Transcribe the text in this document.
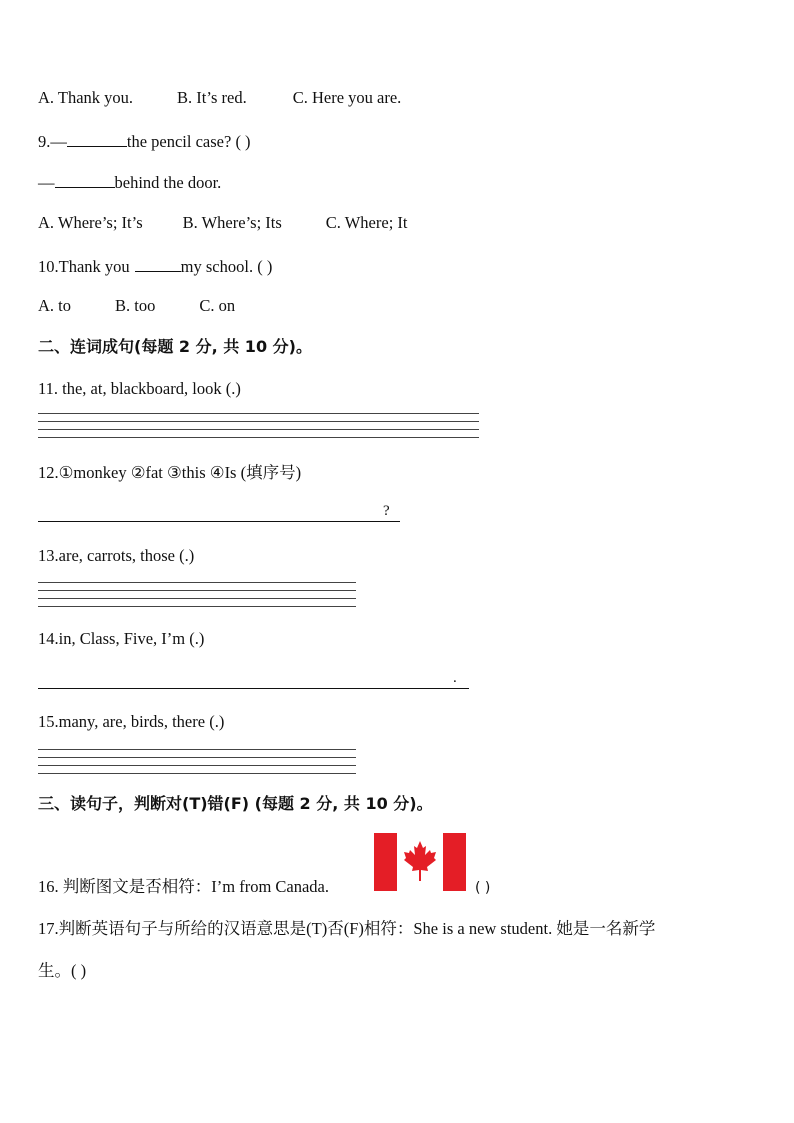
A. Thank you.	B. It’s red.	C. Here you are.
9.—	the pencil case? ( )
—	behind the door.
A. Where’s; It’s B. Where’s; Its	C. Where; It
10.Thank you	my school. ( )
A. to	B. too	C. on
二、连词成句(每题 2 分, 共 10 分)。
11. the, at, blackboard, look (.)
12.①monkey ②fat ③this ④Is (填序号)
?
13.are, carrots, those (.)
14.in, Class, Five, I’m (.)
.
15.many, are, birds, there (.)
三、读句子，判断对(T)错(F) (每题 2 分, 共 10 分)。
16. 判断图文是否相符：I’m from Canada.	( )
17.判断英语句子与所给的汉语意思是(T)否(F)相符：She is a new student. 她是一名新学
生。( )
